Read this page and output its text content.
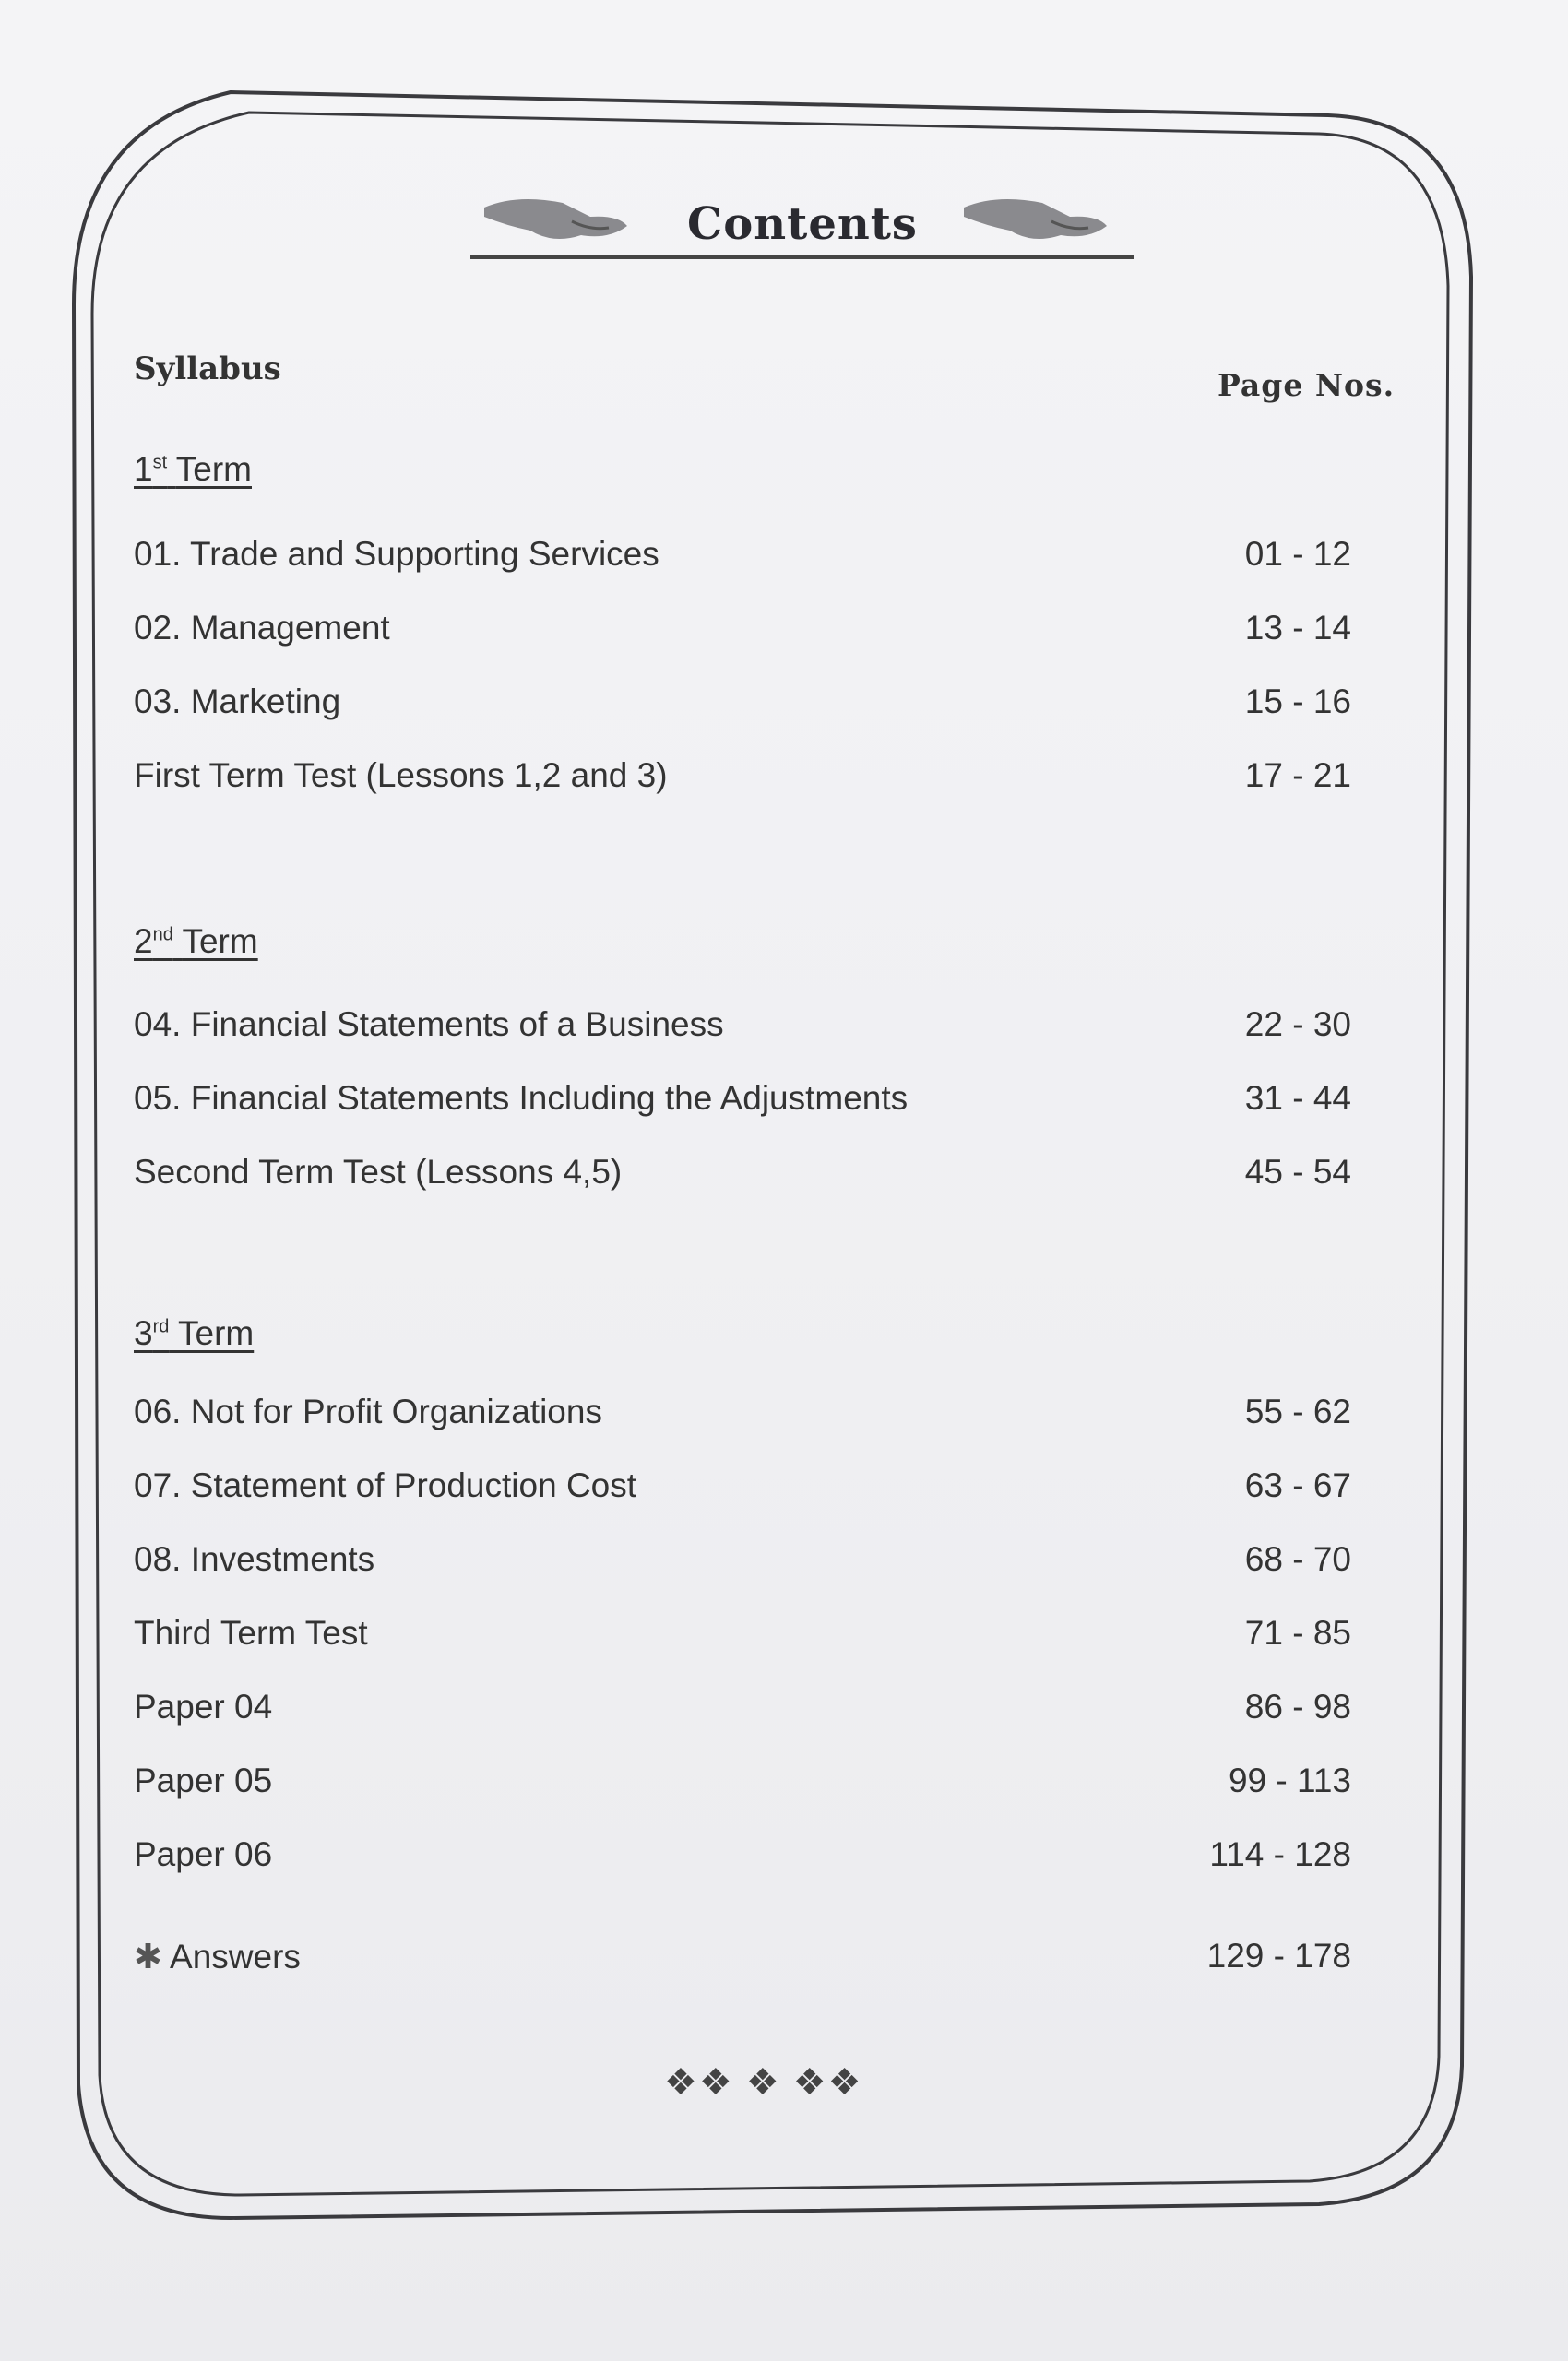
Contents
Syllabus	Page Nos.
1st Term
01. Trade and Supporting Services	01 - 12
02. Management	13 - 14
03. Marketing	15 - 16
First Term Test (Lessons 1,2 and 3)	17 - 21
2nd Term
04. Financial Statements of a Business	22 - 30
05. Financial Statements Including the Adjustments	31 - 44
Second Term Test (Lessons 4,5)	45 - 54
3rd Term
06. Not for Profit Organizations	55 - 62
07. Statement of Production Cost	63 - 67
08. Investments	68 - 70
Third Term Test	71 - 85
Paper 04	86 - 98
Paper 05	99 - 113
Paper 06	114 - 128
✱ Answers	129 - 178
❖❖ ❖ ❖❖
